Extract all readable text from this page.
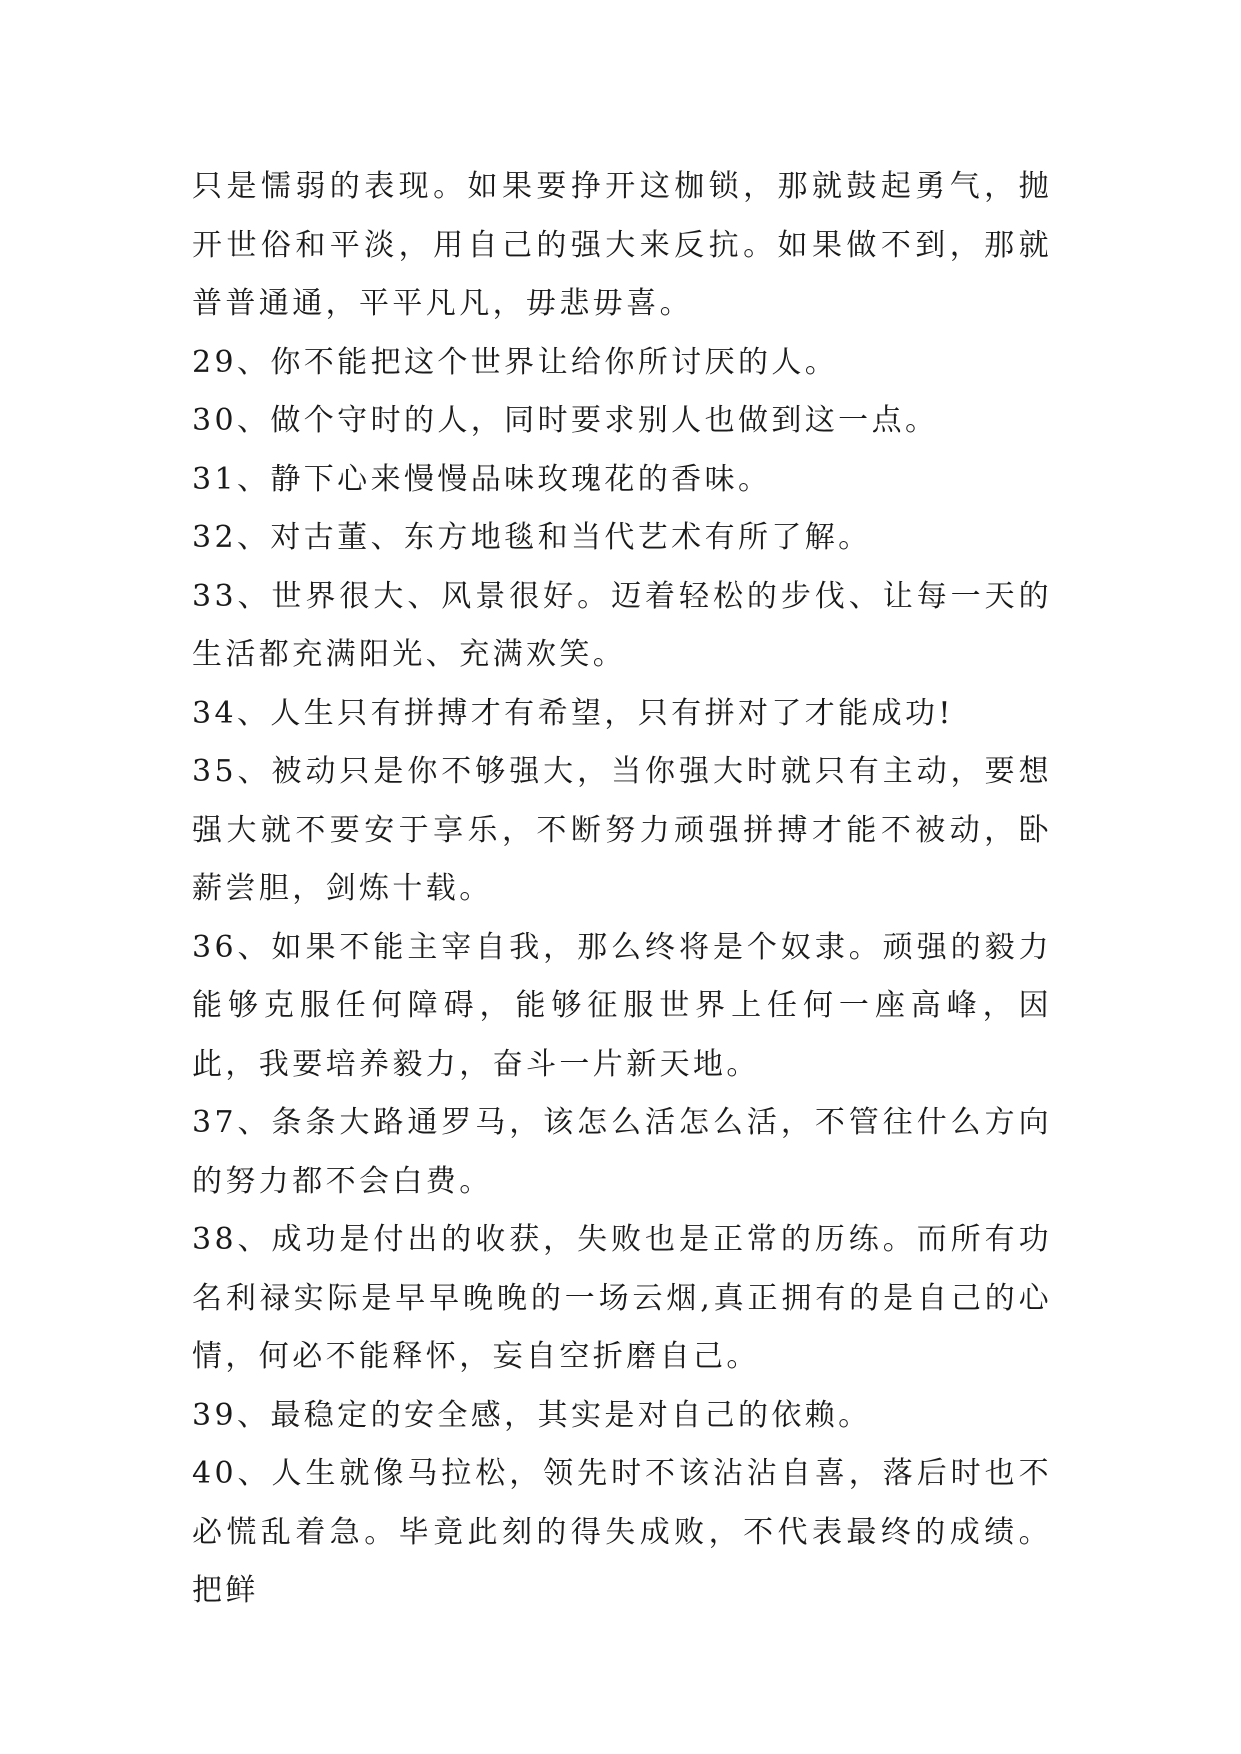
只是懦弱的表现。如果要挣开这枷锁，那就鼓起勇气，抛开世俗和平淡，用自己的强大来反抗。如果做不到，那就普普通通，平平凡凡，毋悲毋喜。

29、你不能把这个世界让给你所讨厌的人。

30、做个守时的人，同时要求别人也做到这一点。

31、静下心来慢慢品味玫瑰花的香味。

32、对古董、东方地毯和当代艺术有所了解。

33、世界很大、风景很好。迈着轻松的步伐、让每一天的生活都充满阳光、充满欢笑。

34、人生只有拼搏才有希望，只有拼对了才能成功!

35、被动只是你不够强大，当你强大时就只有主动，要想强大就不要安于享乐，不断努力顽强拼搏才能不被动，卧薪尝胆，剑炼十载。

36、如果不能主宰自我，那么终将是个奴隶。顽强的毅力能够克服任何障碍，能够征服世界上任何一座高峰，因此，我要培养毅力，奋斗一片新天地。

37、条条大路通罗马，该怎么活怎么活，不管往什么方向的努力都不会白费。

38、成功是付出的收获，失败也是正常的历练。而所有功名利禄实际是早早晚晚的一场云烟,真正拥有的是自己的心情，何必不能释怀，妄自空折磨自己。

39、最稳定的安全感，其实是对自己的依赖。

40、人生就像马拉松，领先时不该沾沾自喜，落后时也不必慌乱着急。毕竟此刻的得失成败，不代表最终的成绩。把鲜
